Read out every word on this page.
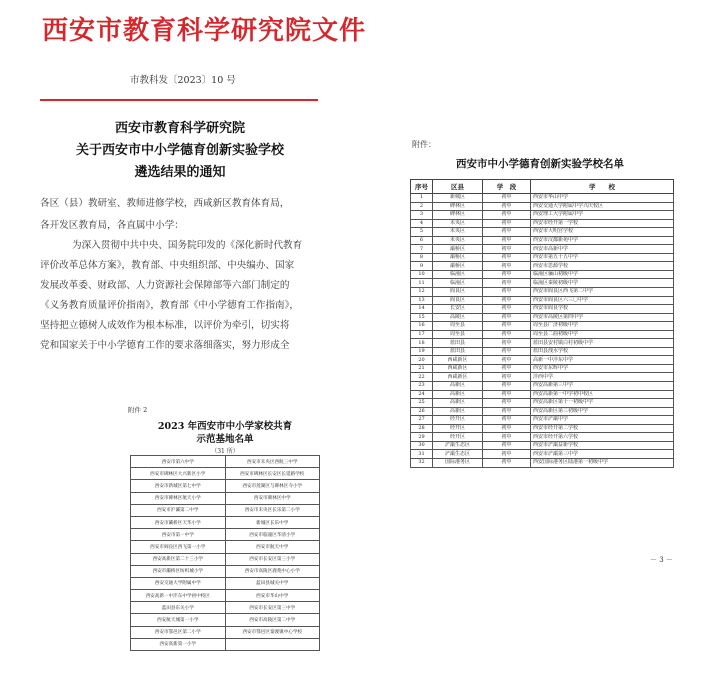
西安市教育科学研究院文件
市教科发〔2023〕10 号
西安市教育科学研究院
关于西安市中小学德育创新实验学校
遴选结果的通知
各区（县）教研室、教师进修学校，西咸新区教育体育局，
各开发区教育局，各直属中小学：
为深入贯彻中共中央、国务院印发的《深化新时代教育
评价改革总体方案》，教育部、中央组织部、中央编办、国家
发展改革委、财政部、人力资源社会保障部等六部门制定的
《义务教育质量评价指南》，教育部《中小学德育工作指南》，
坚持把立德树人成效作为根本标准，以评价为牵引，切实将
党和国家关于中小学德育工作的要求落细落实，努力形成全
附件 2
2023 年西安市中小学家校共育
示范基地名单
（31 所）
西安市第六中学	西安市未央区西航三中学
西安市碑林区大兴新区小学	西安市碑林区长安区长延路学校
西安市新城区第七中学	西安市莲湖区与碑林区寺小学
西安市碑林区航天小学	西安市碑林区中学
西安市沪灞第二中学	西安市未央区长乐第二小学
西安市灞桥区天华小学	新城区长乐中学
西安市第一中学	西安市临潼区华清小学
西安市阎良区西飞第一小学	西安市航天中学
西安高新区第二十三小学	西安市长安区第三小学
西安市灞桥区纺织城小学	西安市高陵区鹿苑中心小学
西安交通大学附属中学	蓝田县城关中学
西安高新一中沣东中学初中校区	西安市华山中学
蓝田县东关小学	西安市长安区第三中学
西安航天城第一小学	西安市高陵区第二中学
西安市鄠邑区第二小学	西安市鄠邑区秦渡镇中心学校
西安高新第一小学	
附件：
西安市中小学德育创新实验学校名单
序号	区县	学　段	学　　校
1	新城区	初中	西安市华山中学
2	碑林区	初中	西安交通大学附属中学兴庆校区
3	碑林区	初中	西安理工大学附属中学
4	未央区	初中	西安市经开第一学校
5	未央区	初中	西安市大明宫学校
6	未央区	初中	西安市汉都新苑中学
7	灞桥区	初中	西安市高新中学
8	灞桥区	初中	西安市第五十五中学
9	灞桥区	初中	西安市思源学校
10	临潼区	初中	临潼区骊山初级中学
11	临潼区	初中	临潼区秦陵初级中学
12	阎良区	初中	西安市阎良区西飞第二中学
13	阎良区	初中	西安市阎良区六三〇中学
14	长安区	初中	西安市阎良学校
15	高陵区	初中	西安市高陵区第四中学
16	周至县	初中	周至县广济初级中学
17	周至县	初中	周至县二曲初级中学
18	蓝田县	初中	蓝田县安村镇白村初级中学
19	蓝田县	初中	蓝田县洩水学校
20	西咸新区	初中	高新一中沣东中学
21	西咸新区	初中	西安市东辉中学
22	西咸新区	初中	沣西中学
23	高新区	初中	西安高新第三中学
24	高新区	初中	西安高新第一中学初中校区
25	高新区	初中	西安高新区第十一初级中学
26	高新区	初中	西安高新区第三初级中学
27	经开区	初中	西安市浐灞中学
28	经开区	初中	西安市经开第二学校
29	经开区	初中	西安市经开第六学校
30	浐灞生态区	初中	西安市浐灞益新学校
31	浐灞生态区	初中	西安市浐灞第三中学
32	国际港务区	初中	西安国际港务区陆港第一初级中学
－ 3 －
